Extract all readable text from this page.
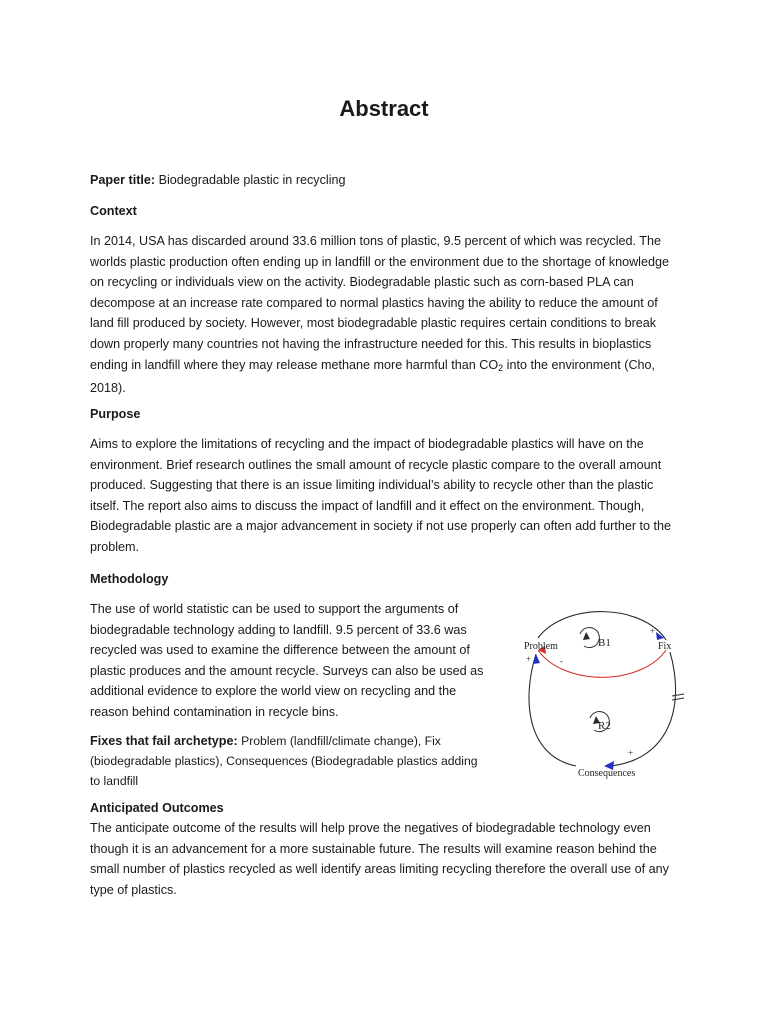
Abstract

Paper title: Biodegradable plastic in recycling

Context

In 2014, USA has discarded around 33.6 million tons of plastic, 9.5 percent of which was recycled. The worlds plastic production often ending up in landfill or the environment due to the shortage of knowledge on recycling or individuals view on the activity. Biodegradable plastic such as corn-based PLA can decompose at an increase rate compared to normal plastics having the ability to reduce the amount of land fill produced by society. However, most biodegradable plastic requires certain conditions to break down properly many countries not having the infrastructure needed for this. This results in bioplastics ending in landfill where they may release methane more harmful than $CO_2$ into the environment (Cho, 2018).

Purpose

Aims to explore the limitations of recycling and the impact of biodegradable plastics will have on the environment. Brief research outlines the small amount of recycle plastic compare to the overall amount produced. Suggesting that there is an issue limiting individual’s ability to recycle other than the plastic itself. The report also aims to discuss the impact of landfill and it effect on the environment. Though, Biodegradable plastic are a major advancement in society if not use properly can often add further to the problem.

Methodology

The use of world statistic can be used to support the arguments of biodegradable technology adding to landfill. 9.5 percent of 33.6 was recycled was used to examine the difference between the amount of plastic produces and the amount recycle. Surveys can also be used as additional evidence to explore the world view on recycling and the reason behind contamination in recycle bins.

Fixes that fail archetype: Problem (landfill/climate change), Fix (biodegradable plastics), Consequences (Biodegradable plastics adding to landfill

Problem	Fix
Consequences
B1
R2
+
+	-
+

Anticipated Outcomes

The anticipate outcome of the results will help prove the negatives of biodegradable technology even though it is an advancement for a more sustainable future. The results will examine reason behind the small number of plastics recycled as well identify areas limiting recycling therefore the overall use of any type of plastics.
